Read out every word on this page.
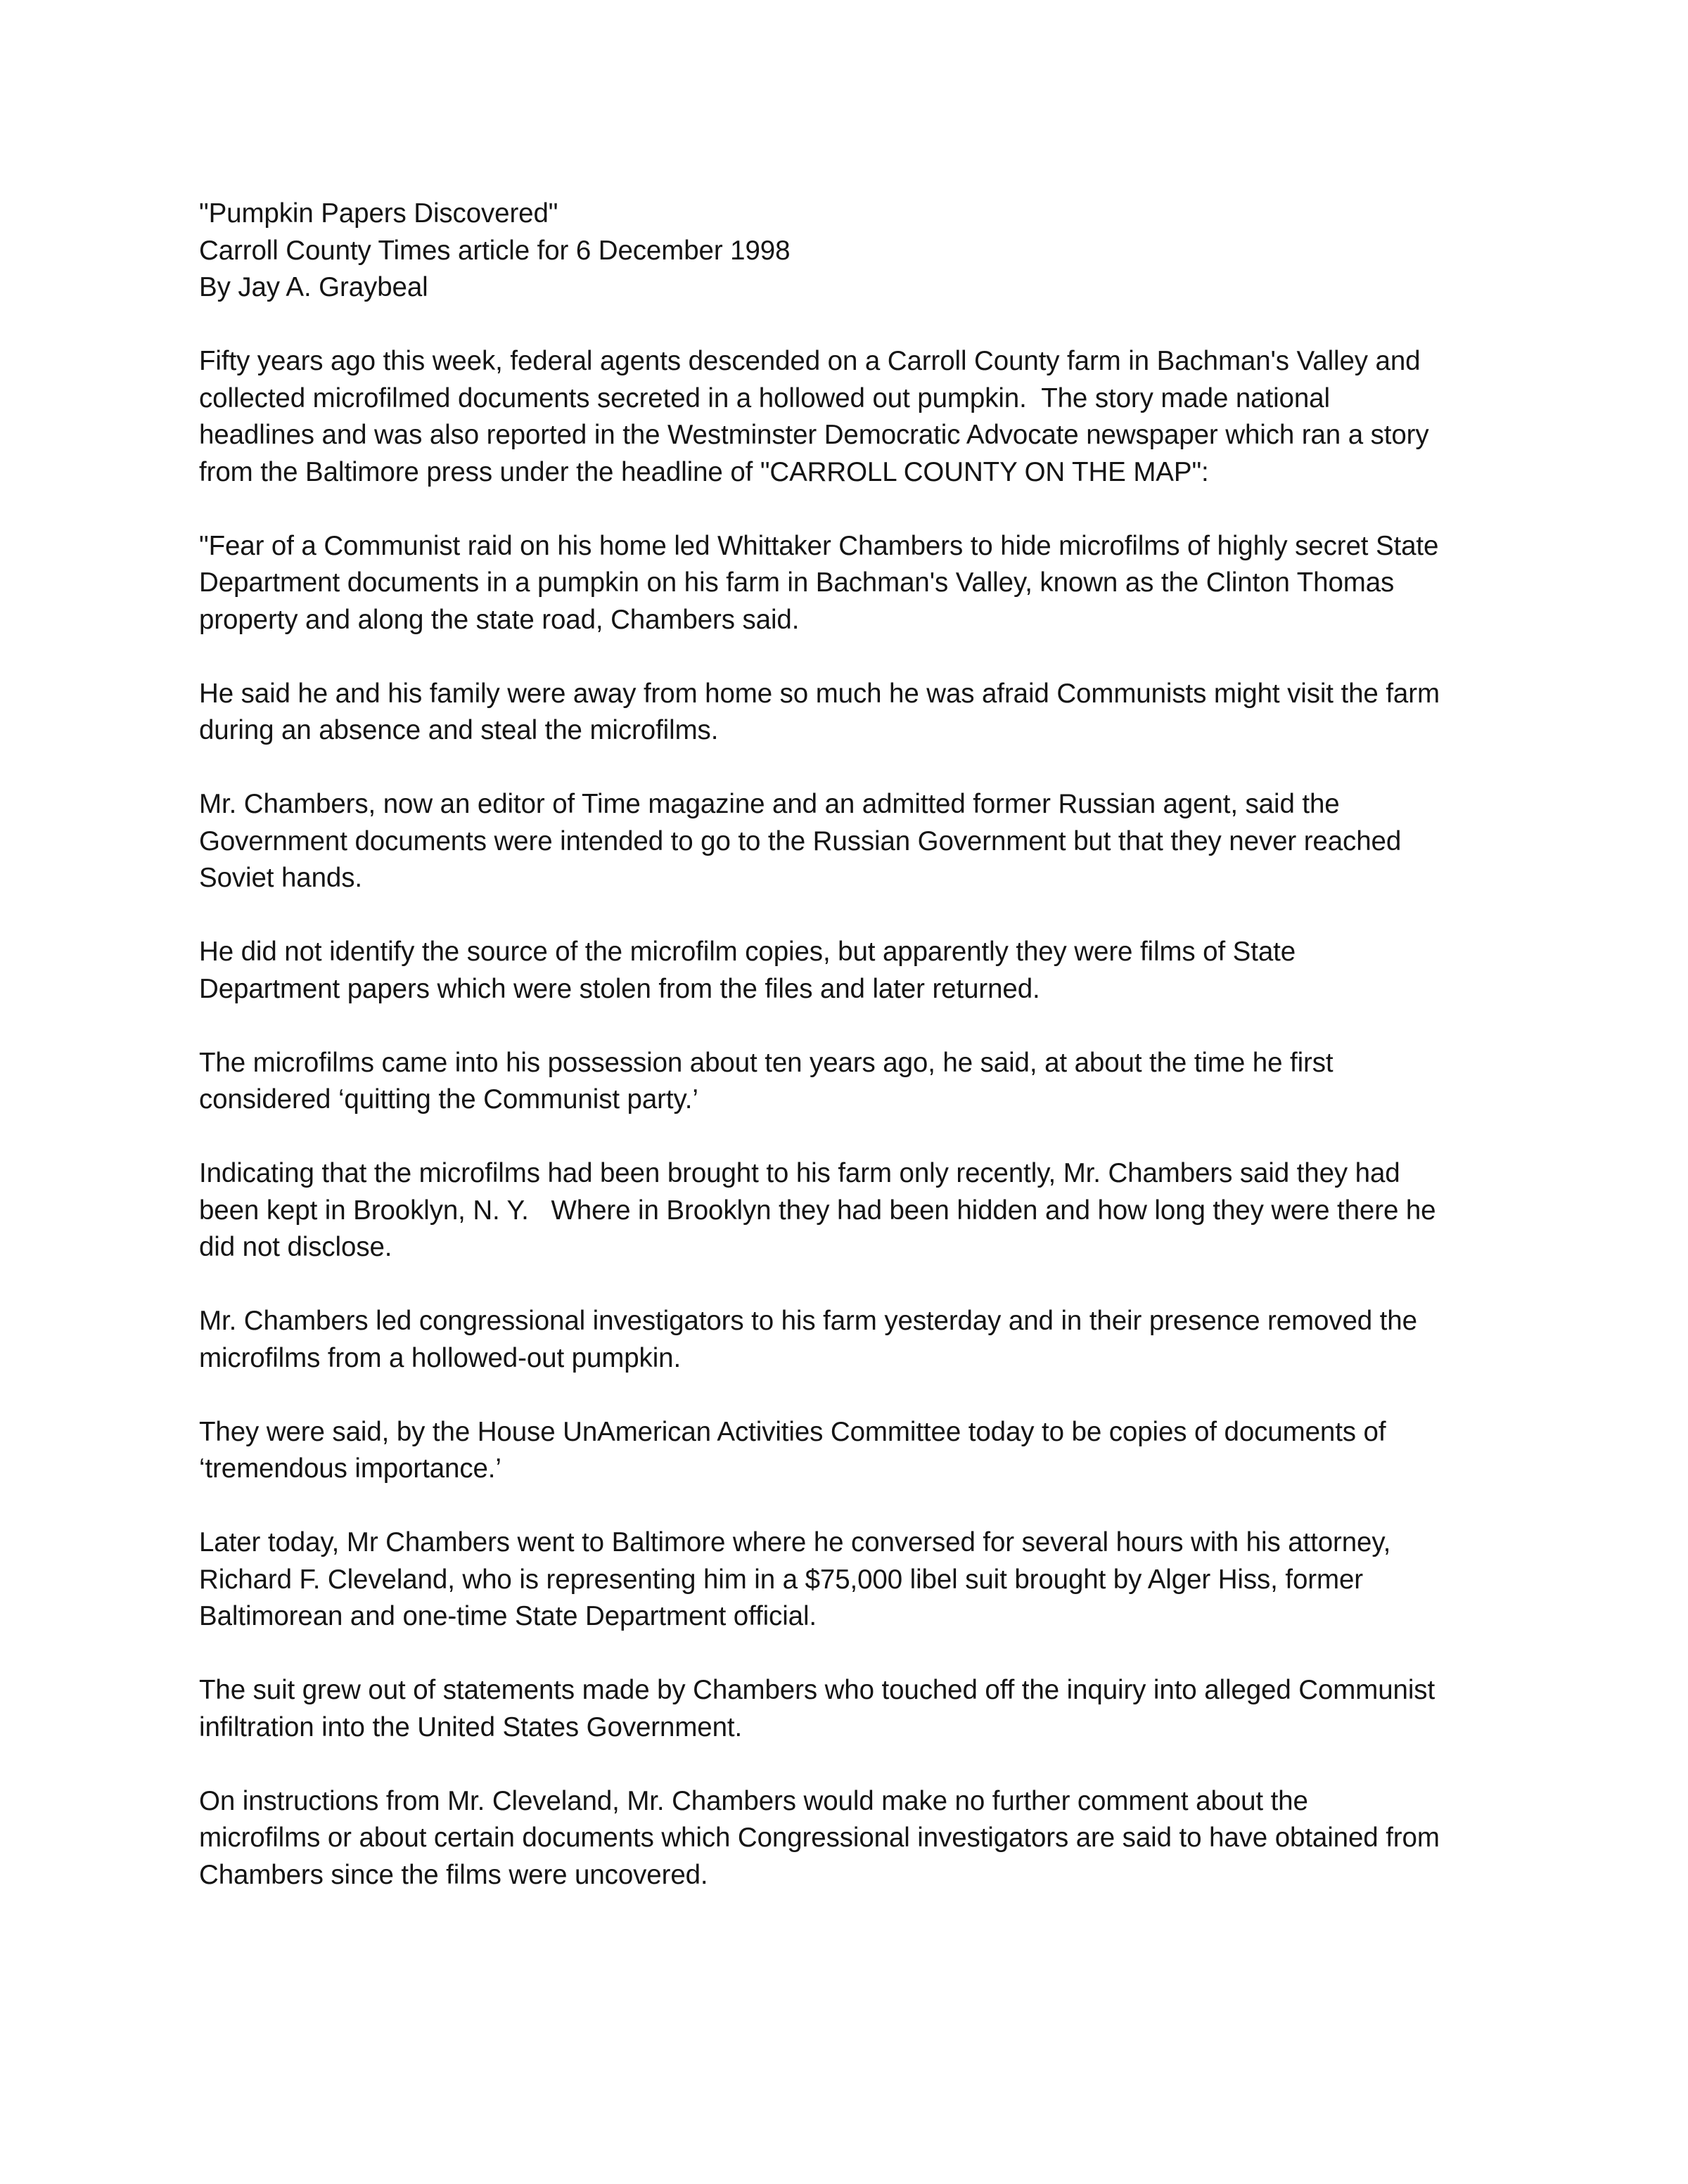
"Pumpkin Papers Discovered"
Carroll County Times article for 6 December 1998
By Jay A. Graybeal
Fifty years ago this week, federal agents descended on a Carroll County farm in Bachman's Valley and
collected microfilmed documents secreted in a hollowed out pumpkin.  The story made national
headlines and was also reported in the Westminster Democratic Advocate newspaper which ran a story
from the Baltimore press under the headline of "CARROLL COUNTY ON THE MAP":
"Fear of a Communist raid on his home led Whittaker Chambers to hide microfilms of highly secret State
Department documents in a pumpkin on his farm in Bachman's Valley, known as the Clinton Thomas
property and along the state road, Chambers said.
He said he and his family were away from home so much he was afraid Communists might visit the farm
during an absence and steal the microfilms.
Mr. Chambers, now an editor of Time magazine and an admitted former Russian agent, said the
Government documents were intended to go to the Russian Government but that they never reached
Soviet hands.
He did not identify the source of the microfilm copies, but apparently they were films of State
Department papers which were stolen from the files and later returned.
The microfilms came into his possession about ten years ago, he said, at about the time he first
considered ‘quitting the Communist party.’
Indicating that the microfilms had been brought to his farm only recently, Mr. Chambers said they had
been kept in Brooklyn, N. Y.   Where in Brooklyn they had been hidden and how long they were there he
did not disclose.
Mr. Chambers led congressional investigators to his farm yesterday and in their presence removed the
microfilms from a hollowed-out pumpkin.
They were said, by the House UnAmerican Activities Committee today to be copies of documents of
‘tremendous importance.’
Later today, Mr Chambers went to Baltimore where he conversed for several hours with his attorney,
Richard F. Cleveland, who is representing him in a $75,000 libel suit brought by Alger Hiss, former
Baltimorean and one-time State Department official.
The suit grew out of statements made by Chambers who touched off the inquiry into alleged Communist
infiltration into the United States Government.
On instructions from Mr. Cleveland, Mr. Chambers would make no further comment about the
microfilms or about certain documents which Congressional investigators are said to have obtained from
Chambers since the films were uncovered.
